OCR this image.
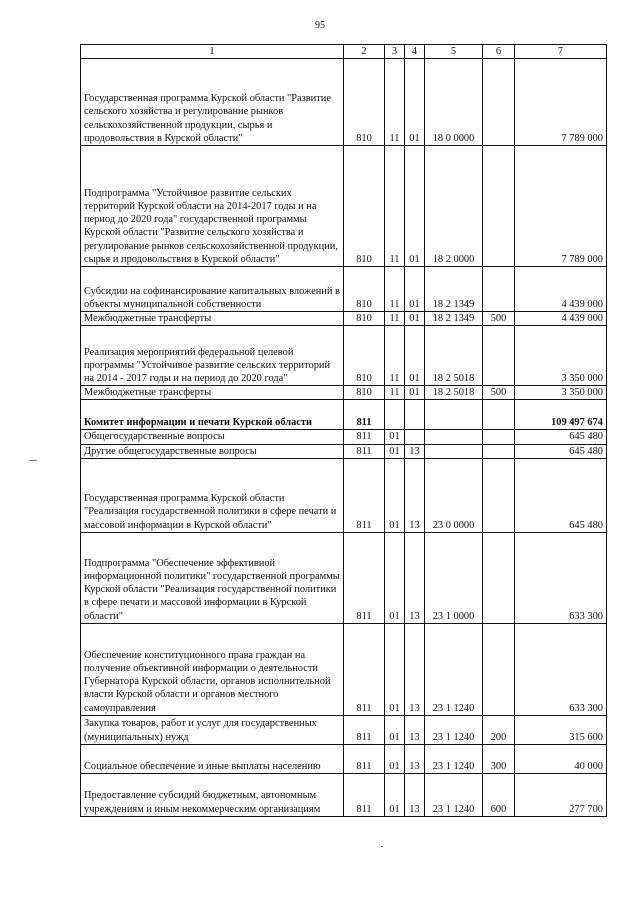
95
1	2	3	4	5	6	7
Государственная программа Курской области "Развитие сельского хозяйства и регулирование рынков сельскохозяйственной продукции, сырья и продовольствия в Курской области"	810	11	01	18 0 0000		7 789 000
Подпрограмма "Устойчивое развитие сельских территорий Курской области на 2014-2017 годы и на период до 2020 года" государственной программы Курской области "Развитие сельского хозяйства и регулирование рынков сельскохозяйственной продукции, сырья и продовольствия в Курской области"	810	11	01	18 2 0000		7 789 000
Субсидии на софинансирование капитальных вложений в объекты муниципальной собственности	810	11	01	18 2 1349		4 439 000
Межбюджетные трансферты	810	11	01	18 2 1349	500	4 439 000
Реализация мероприятий федеральной целевой программы "Устойчивое развитие сельских территорий на 2014 - 2017 годы и на период до 2020 года"	810	11	01	18 2 5018		3 350 000
Межбюджетные трансферты	810	11	01	18 2 5018	500	3 350 000
Комитет информации и печати Курской области	811					109 497 674
Общегосударственные вопросы	811	01				645 480
Другие общегосударственные вопросы	811	01	13			645 480
Государственная программа Курской области "Реализация государственной политики в сфере печати и массовой информации в Курской области"	811	01	13	23 0 0000		645 480
Подпрограмма "Обеспечение эффективной информационной политики" государственной программы Курской области "Реализация государственной политики в сфере печати и массовой информации в Курской области"	811	01	13	23 1 0000		633 300
Обеспечение конституционного права граждан на получение объективной информации о деятельности Губернатора Курской области, органов исполнительной власти Курской области и органов местного самоуправления	811	01	13	23 1 1240		633 300
Закупка товаров, работ и услуг для государственных (муниципальных) нужд	811	01	13	23 1 1240	200	315 600
Социальное обеспечение и иные выплаты населению	811	01	13	23 1 1240	300	40 000
Предоставление субсидий бюджетным, автономным учреждениям и иным некоммерческим организациям	811	01	13	23 1 1240	600	277 700
